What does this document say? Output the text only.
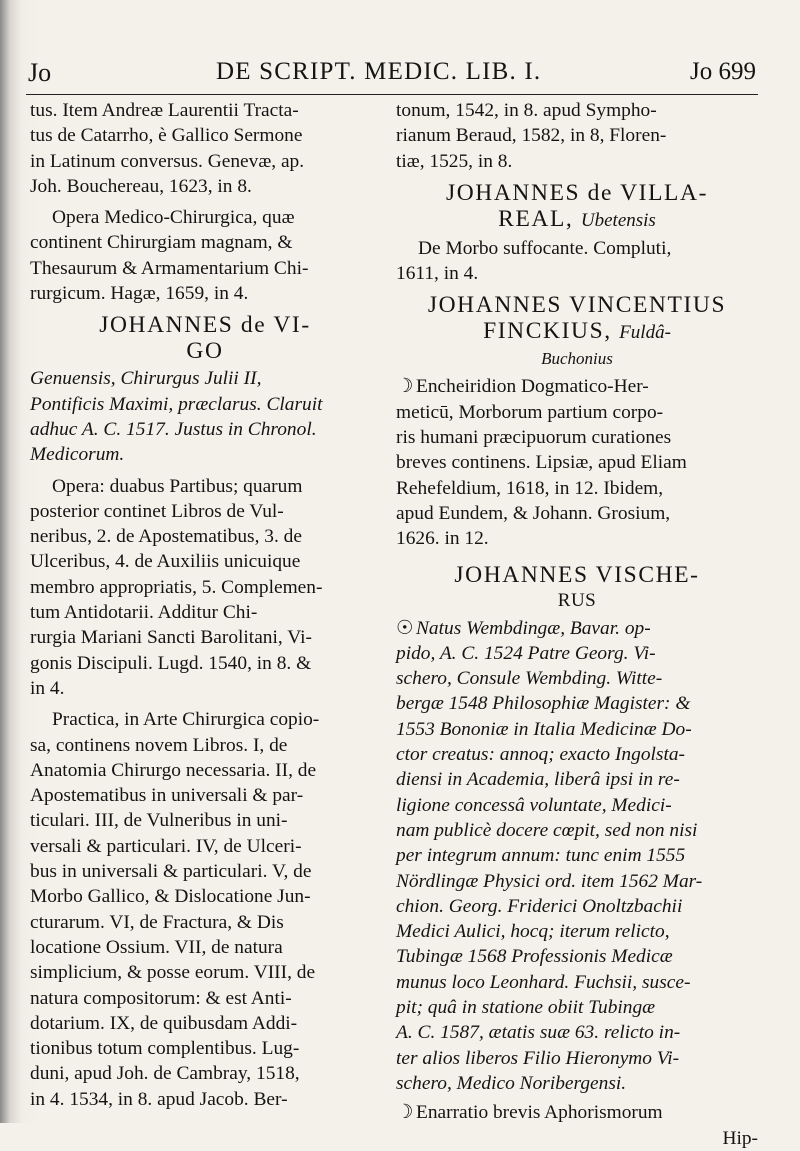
Jo	DE SCRIPT. MEDIC. LIB. I.	Jo 699

tus. Item Andreæ Laurentii Tracta-

tus de Catarrho, è Gallico Sermone

in Latinum conversus. Genevæ, ap.

Joh. Bouchereau, 1623, in 8.

Opera Medico-Chirurgica, quæ

continent Chirurgiam magnam, &

Thesaurum & Armamentarium Chi-

rurgicum. Hagæ, 1659, in 4.

JOHANNES de VI-
GO

Genuensis, Chirurgus Julii II,

Pontificis Maximi, præclarus. Claruit

adhuc A. C. 1517. Justus in Chronol.

Medicorum.

Opera: duabus Partibus; quarum

posterior continet Libros de Vul-

neribus, 2. de Apostematibus, 3. de

Ulceribus, 4. de Auxiliis unicuique

membro appropriatis, 5. Complemen-

tum Antidotarii. Additur Chi-

rurgia Mariani Sancti Barolitani, Vi-

gonis Discipuli. Lugd. 1540, in 8. &

in 4.

Practica, in Arte Chirurgica copio-

sa, continens novem Libros. I, de

Anatomia Chirurgo necessaria. II, de

Apostematibus in universali & par-

ticulari. III, de Vulneribus in uni-

versali & particulari. IV, de Ulceri-

bus in universali & particulari. V, de

Morbo Gallico, & Dislocatione Jun-

cturarum. VI, de Fractura, & Dis

locatione Ossium. VII, de natura

simplicium, & posse eorum. VIII, de

natura compositorum: & est Anti-

dotarium. IX, de quibusdam Addi-

tionibus totum complentibus. Lug-

duni, apud Joh. de Cambray, 1518,

in 4. 1534, in 8. apud Jacob. Ber-

tonum, 1542, in 8. apud Sympho-

rianum Beraud, 1582, in 8, Floren-

tiæ, 1525, in 8.

JOHANNES de VILLA-
REAL, Ubetensis

De Morbo suffocante. Compluti,

1611, in 4.

JOHANNES VINCENTIUS
FINCKIUS, Fuldâ-
Buchonius

☽ Encheiridion Dogmatico-Her-

meticū, Morborum partium corpo-

ris humani præcipuorum curationes

breves continens. Lipsiæ, apud Eliam

Rehefeldium, 1618, in 12. Ibidem,

apud Eundem, & Johann. Grosium,

1626. in 12.

JOHANNES VISCHE-
RUS

☉ Natus Wembdingæ, Bavar. op-

pido, A. C. 1524 Patre Georg. Vi-

schero, Consule Wembding. Witte-

bergæ 1548 Philosophiæ Magister: &

1553 Bononiæ in Italia Medicinæ Do-

ctor creatus: annoq; exacto Ingolsta-

diensi in Academia, liberâ ipsi in re-

ligione concessâ voluntate, Medici-

nam publicè docere cœpit, sed non nisi

per integrum annum: tunc enim 1555

Nördlingæ Physici ord. item 1562 Mar-

chion. Georg. Friderici Onoltzbachii

Medici Aulici, hocq; iterum relicto,

Tubingæ 1568 Professionis Medicæ

munus loco Leonhard. Fuchsii, susce-

pit; quâ in statione obiit Tubingæ

A. C. 1587, ætatis suæ 63. relicto in-

ter alios liberos Filio Hieronymo Vi-

schero, Medico Noribergensi.

☽ Enarratio brevis Aphorismorum

Hip-
